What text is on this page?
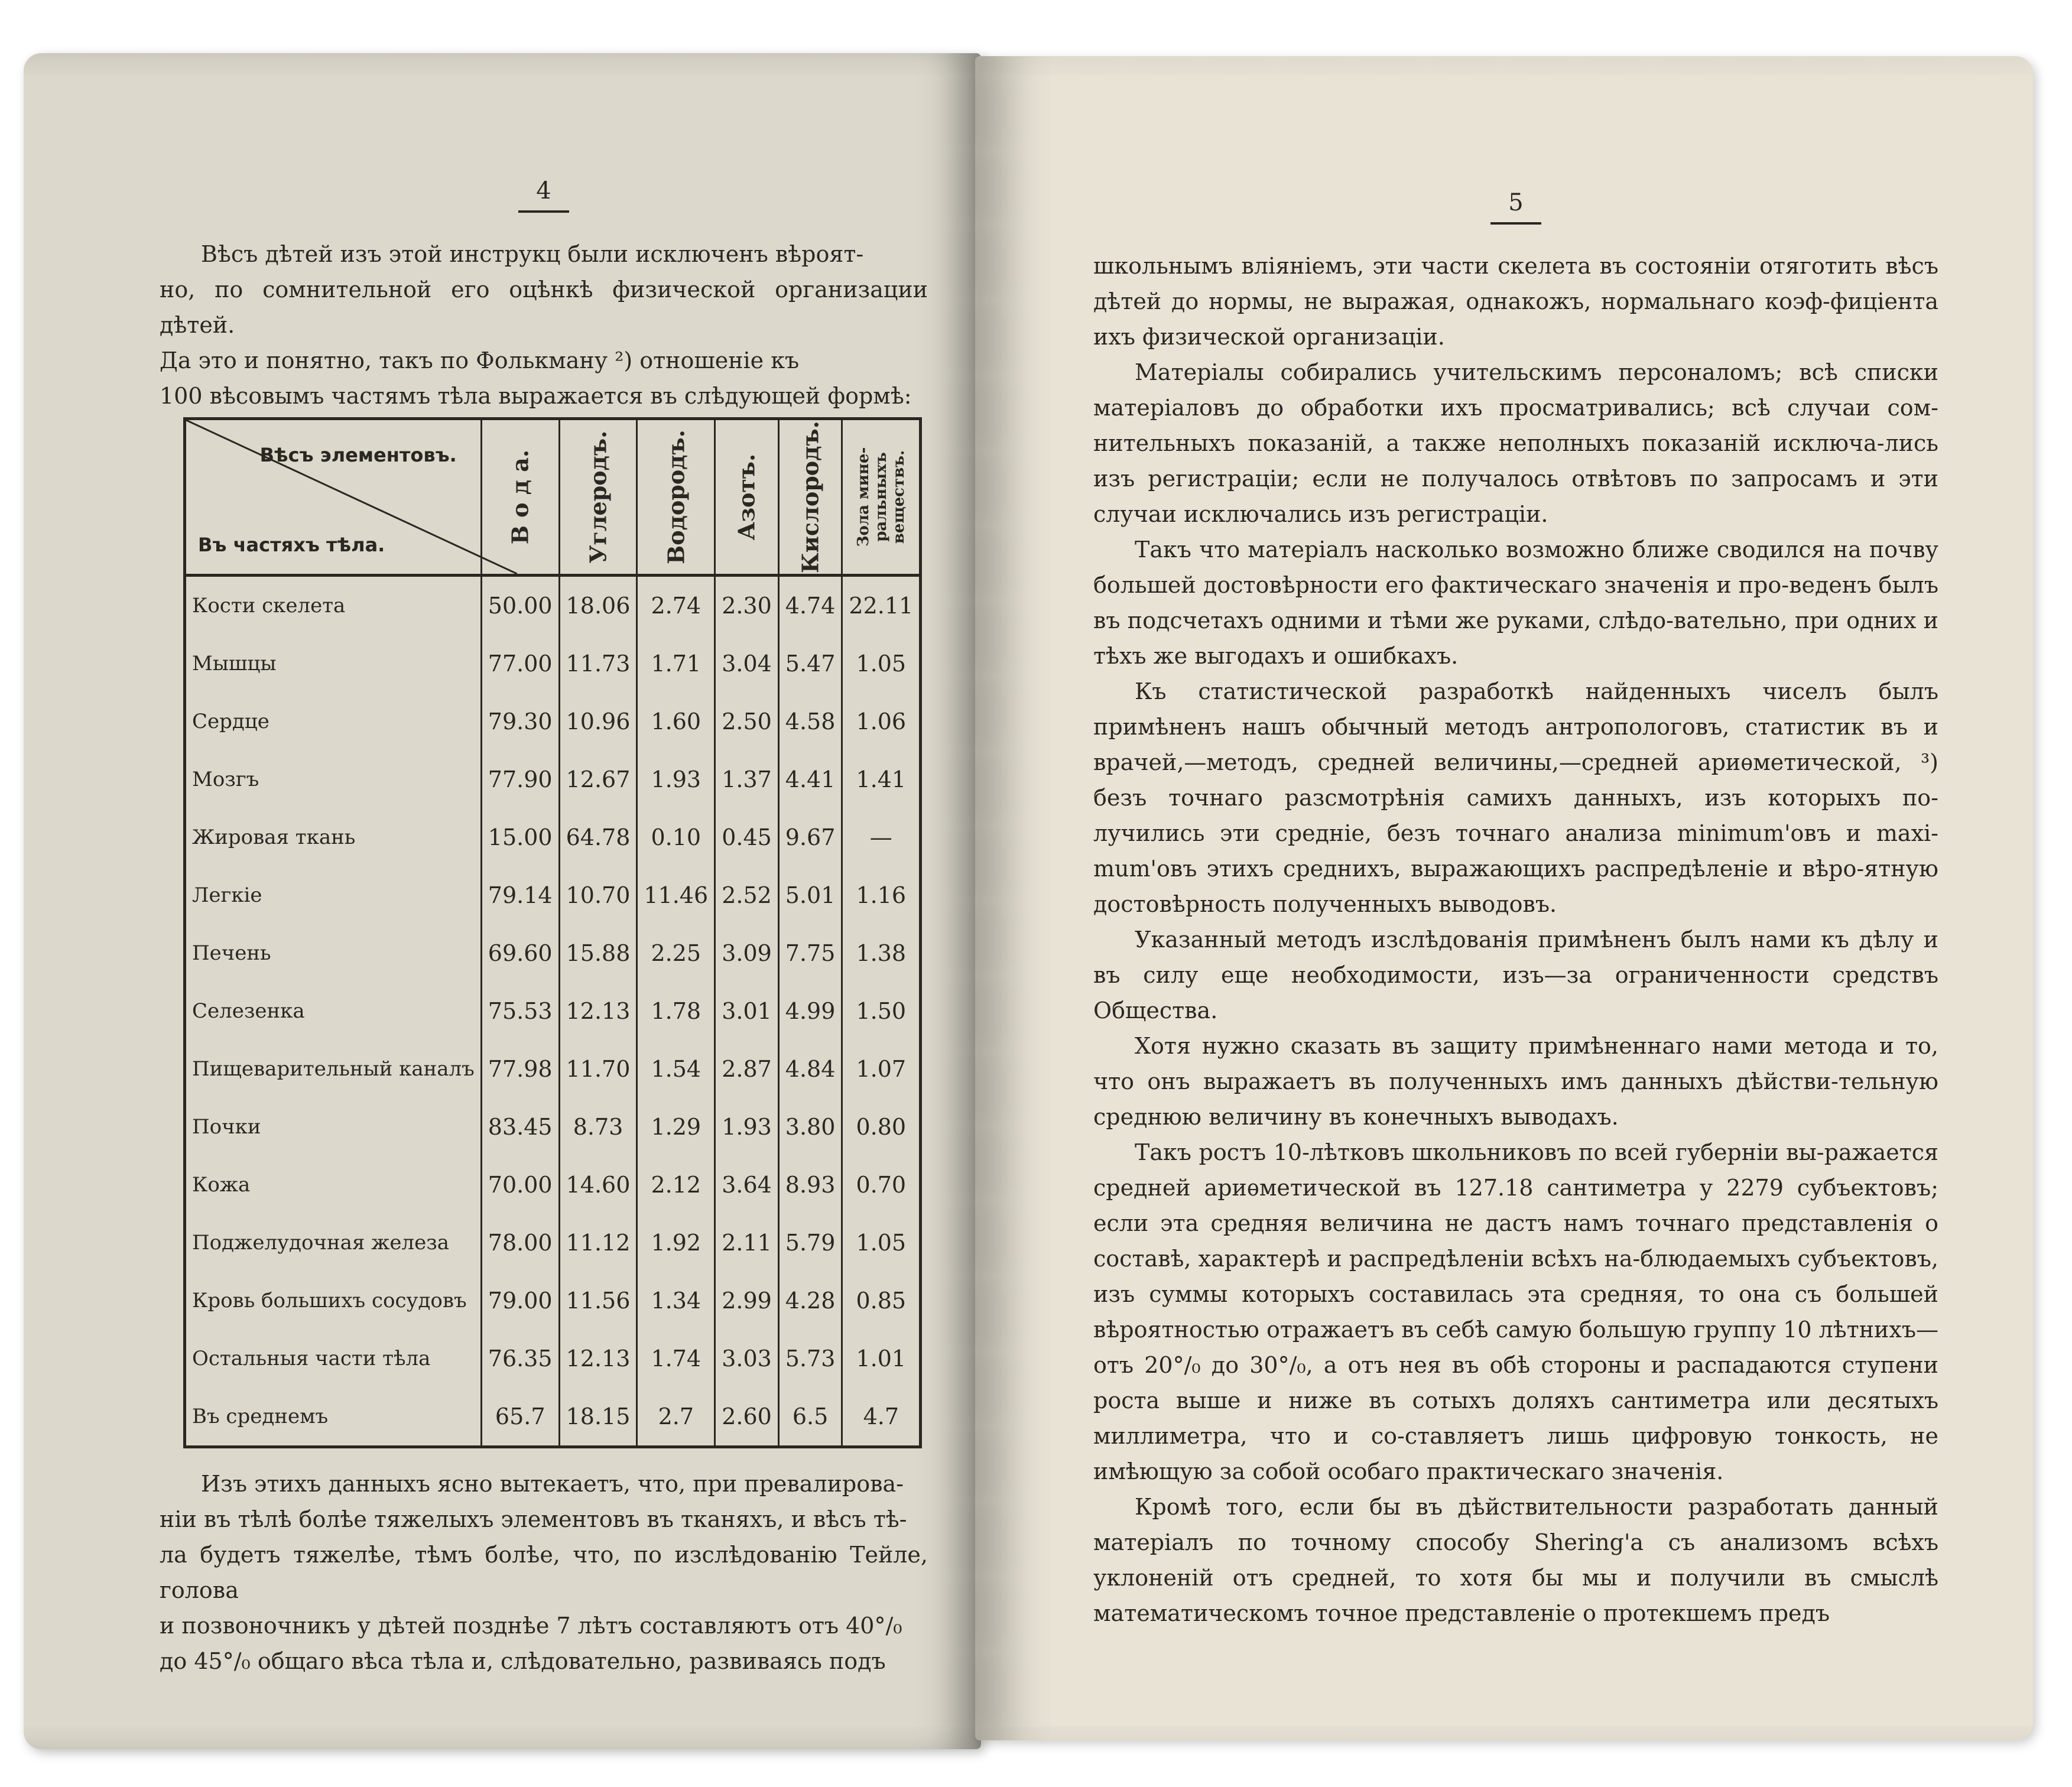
4

Вѣсъ дѣтей изъ этой инструкц были исключенъ вѣроят-

но, по сомнительной его оцѣнкѣ физической организации дѣтей.

Да это и понятно, такъ по Фолькману ²) отношеніе къ

100 вѣсовымъ частямъ тѣла выражается въ слѣдующей формѣ:

Вѣсъ элементовъ.
Въ частяхъ тѣла.	В о д а.	Углеродъ.	Водородъ.	Азотъ.	Кислородъ.	Зола мине-ральныхъ веществъ.

Кости скелета	50.00	18.06	2.74	2.30	4.74	22.11
Мышцы	77.00	11.73	1.71	3.04	5.47	1.05
Сердце	79.30	10.96	1.60	2.50	4.58	1.06
Мозгъ	77.90	12.67	1.93	1.37	4.41	1.41
Жировая ткань	15.00	64.78	0.10	0.45	9.67	—
Легкіе	79.14	10.70	11.46	2.52	5.01	1.16
Печень	69.60	15.88	2.25	3.09	7.75	1.38
Селезенка	75.53	12.13	1.78	3.01	4.99	1.50
Пищеварительный каналъ	77.98	11.70	1.54	2.87	4.84	1.07
Почки	83.45	8.73	1.29	1.93	3.80	0.80
Кожа	70.00	14.60	2.12	3.64	8.93	0.70
Поджелудочная железа	78.00	11.12	1.92	2.11	5.79	1.05
Кровь большихъ сосудовъ	79.00	11.56	1.34	2.99	4.28	0.85
Остальныя части тѣла	76.35	12.13	1.74	3.03	5.73	1.01
Въ среднемъ	65.7	18.15	2.7	2.60	6.5	4.7

Изъ этихъ данныхъ ясно вытекаетъ, что, при превалирова-

ніи въ тѣлѣ болѣе тяжелыхъ элементовъ въ тканяхъ, и вѣсъ тѣ-

ла будетъ тяжелѣе, тѣмъ болѣе, что, по изслѣдованію Тейле, голова

и позвоночникъ у дѣтей позднѣе 7 лѣтъ составляютъ отъ 40°/₀

до 45°/₀ общаго вѣса тѣла и, слѣдовательно, развиваясь подъ

5

школьнымъ вліяніемъ, эти части скелета въ состояніи отяготить вѣсъ дѣтей до нормы, не выражая, однакожъ, нормальнаго коэф-фиціента ихъ физической организаціи.

Матеріалы собирались учительскимъ персоналомъ; всѣ списки матеріаловъ до обработки ихъ просматривались; всѣ случаи сом-нительныхъ показаній, а также неполныхъ показаній исключа-лись изъ регистраціи; если не получалось отвѣтовъ по запросамъ и эти случаи исключались изъ регистраціи.

Такъ что матеріалъ насколько возможно ближе сводился на почву большей достовѣрности его фактическаго значенія и про-веденъ былъ въ подсчетахъ одними и тѣми же руками, слѣдо-вательно, при одних и тѣхъ же выгодахъ и ошибкахъ.

Къ статистической разработкѣ найденныхъ чиселъ былъ примѣненъ нашъ обычный методъ антропологовъ, статистик въ и врачей,—методъ, средней величины,—средней ариѳметической, ³) безъ точнаго разсмотрѣнія самихъ данныхъ, изъ которыхъ по-лучились эти средніе, безъ точнаго анализа minimum'овъ и maxi-mum'овъ этихъ среднихъ, выражающихъ распредѣленіе и вѣро-ятную достовѣрность полученныхъ выводовъ.

Указанный методъ изслѣдованія примѣненъ былъ нами къ дѣлу и въ силу еще необходимости, изъ—за ограниченности средствъ Общества.

Хотя нужно сказать въ защиту примѣненнаго нами метода и то, что онъ выражаетъ въ полученныхъ имъ данныхъ дѣйстви-тельную среднюю величину въ конечныхъ выводахъ.

Такъ ростъ 10-лѣтковъ школьниковъ по всей губерніи вы-ражается средней ариѳметической въ 127.18 сантиметра у 2279 субъектовъ; если эта средняя величина не дастъ намъ точнаго представленія о составѣ, характерѣ и распредѣленіи всѣхъ на-блюдаемыхъ субъектовъ, изъ суммы которыхъ составилась эта средняя, то она съ большей вѣроятностью отражаетъ въ себѣ самую большую группу 10 лѣтнихъ—отъ 20°/₀ до 30°/₀, а отъ нея въ обѣ стороны и распадаются ступени роста выше и ниже въ сотыхъ доляхъ сантиметра или десятыхъ миллиметра, что и со-ставляетъ лишь цифровую тонкость, не имѣющую за собой особаго практическаго значенія.

Кромѣ того, если бы въ дѣйствительности разработать данный матеріалъ по точному способу Shering'a съ анализомъ всѣхъ уклоненій отъ средней, то хотя бы мы и получили въ смыслѣ математическомъ точное представленіе о протекшемъ предъ
